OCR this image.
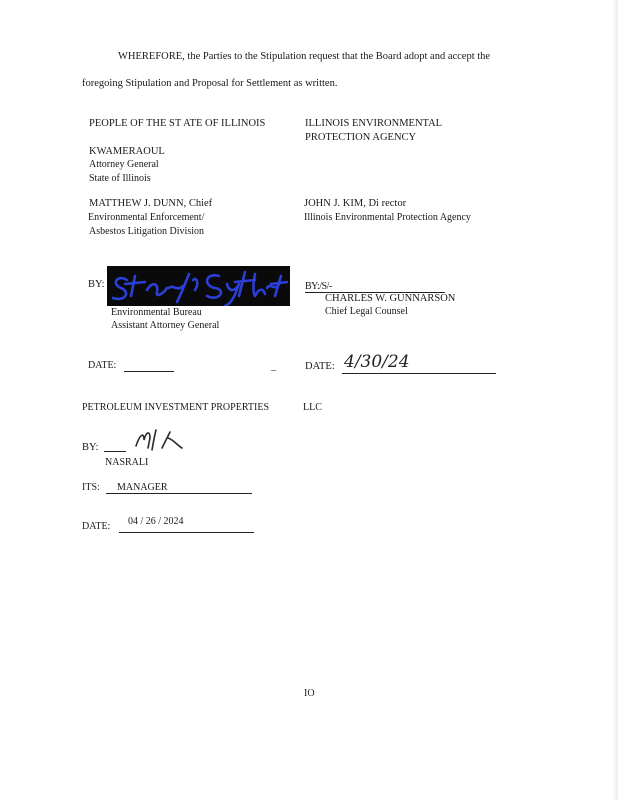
WHEREFORE, the Parties to the Stipulation request that the Board adopt and accept the
foregoing Stipulation and Proposal for Settlement as written.
PEOPLE OF THE ST ATE OF ILLINOIS
KWAMERAOUL
Attorney General
State of Illinois
MATTHEW J. DUNN, Chief
Environmental Enforcement/
Asbestos Litigation Division
ILLINOIS ENVIRONMENTAL
PROTECTION AGENCY
JOHN J. KIM, Di rector
Illinois Environmental Protection Agency
BY:
Environmental Bureau
Assistant Attorney General
BY:/S/-
CHARLES W. GUNNARSON
Chief Legal Counsel
DATE:	_	DATE: 4/30/24
PETROLEUM INVESTMENT PROPERTIES	LLC
BY:
NASRALI
ITS: MANAGER
DATE: 04 / 26 / 2024
IO
